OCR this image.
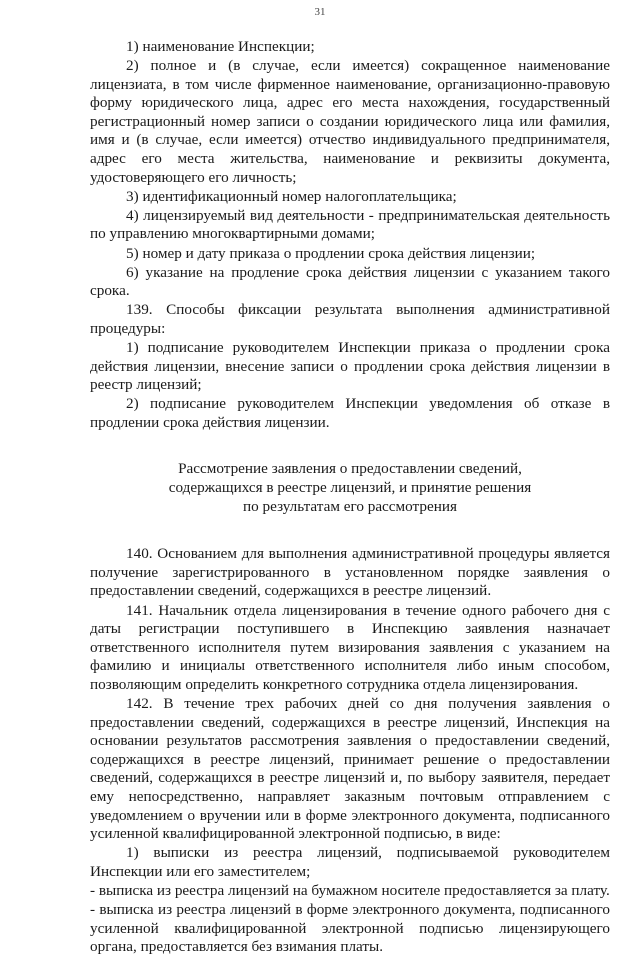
31

1) наименование Инспекции;

2) полное и (в случае, если имеется) сокращенное наименование лицензиата, в том числе фирменное наименование, организационно-правовую форму юридического лица, адрес его места нахождения, государственный регистрационный номер записи о создании юридического лица или фамилия, имя и (в случае, если имеется) отчество индивидуального предпринимателя, адрес его места жительства, наименование и реквизиты документа, удостоверяющего его личность;

3) идентификационный номер налогоплательщика;

4) лицензируемый вид деятельности - предпринимательская деятельность по управлению многоквартирными домами;

5) номер и дату приказа о продлении срока действия лицензии;

6) указание на продление срока действия лицензии с указанием такого срока.

139. Способы фиксации результата выполнения административной процедуры:

1) подписание руководителем Инспекции приказа о продлении срока действия лицензии, внесение записи о продлении срока действия лицензии в реестр лицензий;

2) подписание руководителем Инспекции уведомления об отказе в продлении срока действия лицензии.

Рассмотрение заявления о предоставлении сведений,
содержащихся в реестре лицензий, и принятие решения
по результатам его рассмотрения

140. Основанием для выполнения административной процедуры является получение зарегистрированного в установленном порядке заявления о предоставлении сведений, содержащихся в реестре лицензий.

141. Начальник отдела лицензирования в течение одного рабочего дня с даты регистрации поступившего в Инспекцию заявления назначает ответственного исполнителя путем визирования заявления с указанием на фамилию и инициалы ответственного исполнителя либо иным способом, позволяющим определить конкретного сотрудника отдела лицензирования.

142. В течение трех рабочих дней со дня получения заявления о предоставлении сведений, содержащихся в реестре лицензий, Инспекция на основании результатов рассмотрения заявления о предоставлении сведений, содержащихся в реестре лицензий, принимает решение о предоставлении сведений, содержащихся в реестре лицензий и, по выбору заявителя, передает ему непосредственно, направляет заказным почтовым отправлением с уведомлением о вручении или в форме электронного документа, подписанного усиленной квалифицированной электронной подписью, в виде:

1) выписки из реестра лицензий, подписываемой руководителем Инспекции или его заместителем;

- выписка из реестра лицензий на бумажном носителе предоставляется за плату.

- выписка из реестра лицензий в форме электронного документа, подписанного усиленной квалифицированной электронной подписью лицензирующего органа, предоставляется без взимания платы.
